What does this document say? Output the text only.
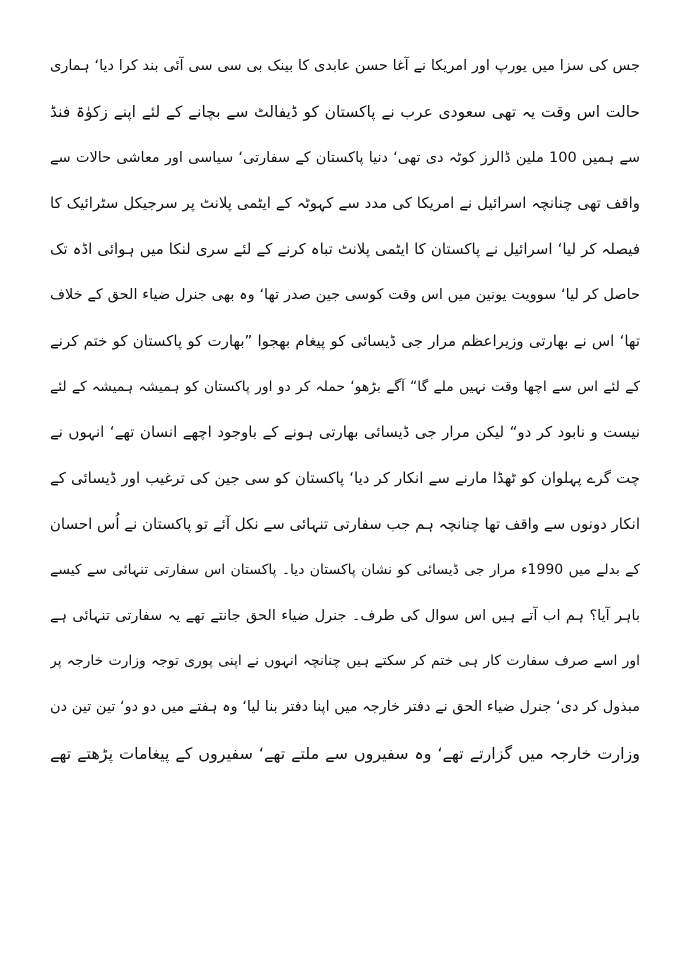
جس کی سزا میں یورپ اور امریکا نے آغا حسن عابدی کا بینک بی سی سی آئی بند کرا دیا‘ ہماری
حالت اس وقت یہ تھی سعودی عرب نے پاکستان کو ڈیفالٹ سے بچانے کے لئے اپنے زکوٰۃ فنڈ
سے ہمیں 100 ملین ڈالرز کوٹہ دی تھی‘ دنیا پاکستان کے سفارتی‘ سیاسی اور معاشی حالات سے
واقف تھی چنانچہ اسرائیل نے امریکا کی مدد سے کہوٹہ کے ایٹمی پلانٹ پر سرجیکل سٹرائیک کا
فیصلہ کر لیا‘ اسرائیل نے پاکستان کا ایٹمی پلانٹ تباہ کرنے کے لئے سری لنکا میں ہوائی اڈہ تک
حاصل کر لیا‘ سوویت یونین میں اس وقت کوسی جین صدر تھا‘ وہ بھی جنرل ضیاء الحق کے خلاف
تھا‘ اس نے بھارتی وزیراعظم مرار جی ڈیسائی کو پیغام بھجوا ”بھارت کو پاکستان کو ختم کرنے
کے لئے اس سے اچھا وقت نہیں ملے گا“ آگے بڑھو‘ حملہ کر دو اور پاکستان کو ہمیشہ ہمیشہ کے لئے
نیست و نابود کر دو“ لیکن مرار جی ڈیسائی بھارتی ہونے کے باوجود اچھے انسان تھے‘ انہوں نے
چت گرے پہلوان کو ٹھڈا مارنے سے انکار کر دیا‘ پاکستان کو سی جین کی ترغیب اور ڈیسائی کے
انکار دونوں سے واقف تھا چنانچہ ہم جب سفارتی تنہائی سے نکل آئے تو پاکستان نے اُس احسان
کے بدلے میں 1990ء مرار جی ڈیسائی کو نشان پاکستان دیا۔ پاکستان اس سفارتی تنہائی سے کیسے
باہر آیا؟ ہم اب آتے ہیں اس سوال کی طرف۔ جنرل ضیاء الحق جانتے تھے یہ سفارتی تنہائی ہے
اور اسے صرف سفارت کار ہی ختم کر سکتے ہیں چنانچہ انہوں نے اپنی پوری توجہ وزارت خارجہ پر
مبذول کر دی‘ جنرل ضیاء الحق نے دفتر خارجہ میں اپنا دفتر بنا لیا‘ وہ ہفتے میں دو دو‘ تین تین دن
وزارت خارجہ میں گزارتے تھے‘ وہ سفیروں سے ملتے تھے‘ سفیروں کے پیغامات پڑھتے تھے
